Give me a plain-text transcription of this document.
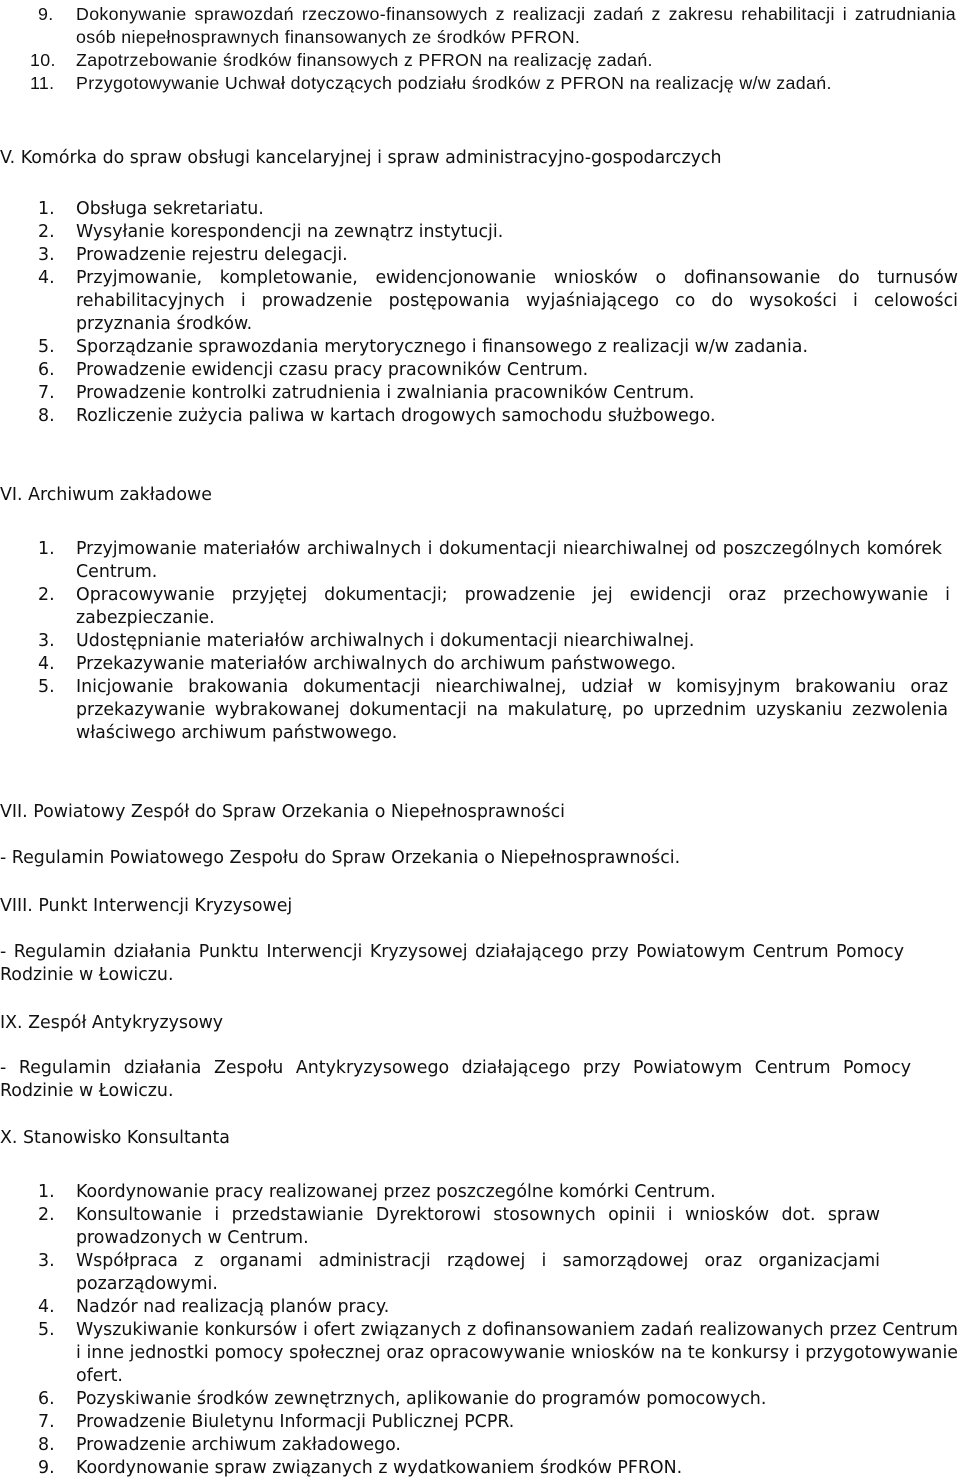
9. Dokonywanie sprawozdań rzeczowo-finansowych z realizacji zadań z zakresu rehabilitacji i zatrudniania osób niepełnosprawnych finansowanych ze środków PFRON.
10. Zapotrzebowanie środków finansowych z PFRON na realizację zadań.
11. Przygotowywanie Uchwał dotyczących podziału środków z PFRON na realizację w/w zadań.
V. Komórka do spraw obsługi kancelaryjnej i spraw administracyjno-gospodarczych
1. Obsługa sekretariatu.
2. Wysyłanie korespondencji na zewnątrz instytucji.
3. Prowadzenie rejestru delegacji.
4. Przyjmowanie, kompletowanie, ewidencjonowanie wniosków o dofinansowanie do turnusów rehabilitacyjnych i prowadzenie postępowania wyjaśniającego co do wysokości i celowości przyznania środków.
5. Sporządzanie sprawozdania merytorycznego i finansowego z realizacji w/w zadania.
6. Prowadzenie ewidencji czasu pracy pracowników Centrum.
7. Prowadzenie kontrolki zatrudnienia i zwalniania pracowników Centrum.
8. Rozliczenie zużycia paliwa w kartach drogowych samochodu służbowego.
VI. Archiwum zakładowe
1. Przyjmowanie materiałów archiwalnych i dokumentacji niearchiwalnej od poszczególnych komórek Centrum.
2. Opracowywanie przyjętej dokumentacji; prowadzenie jej ewidencji oraz przechowywanie i zabezpieczanie.
3. Udostępnianie materiałów archiwalnych i dokumentacji niearchiwalnej.
4. Przekazywanie materiałów archiwalnych do archiwum państwowego.
5. Inicjowanie brakowania dokumentacji niearchiwalnej, udział w komisyjnym brakowaniu oraz przekazywanie wybrakowanej dokumentacji na makulaturę, po uprzednim uzyskaniu zezwolenia właściwego archiwum państwowego.
VII. Powiatowy Zespół do Spraw Orzekania o Niepełnosprawności
- Regulamin Powiatowego Zespołu do Spraw Orzekania o Niepełnosprawności.
VIII. Punkt Interwencji Kryzysowej
- Regulamin działania Punktu Interwencji Kryzysowej działającego przy Powiatowym Centrum Pomocy Rodzinie w Łowiczu.
IX. Zespół Antykryzysowy
- Regulamin działania Zespołu Antykryzysowego działającego przy Powiatowym Centrum Pomocy Rodzinie w Łowiczu.
X. Stanowisko Konsultanta
1. Koordynowanie pracy realizowanej przez poszczególne komórki Centrum.
2. Konsultowanie i przedstawianie Dyrektorowi stosownych opinii i wniosków dot. spraw prowadzonych w Centrum.
3. Współpraca z organami administracji rządowej i samorządowej oraz organizacjami pozarządowymi.
4. Nadzór nad realizacją planów pracy.
5. Wyszukiwanie konkursów i ofert związanych z dofinansowaniem zadań realizowanych przez Centrum i inne jednostki pomocy społecznej oraz opracowywanie wniosków na te konkursy i przygotowywanie ofert.
6. Pozyskiwanie środków zewnętrznych, aplikowanie do programów pomocowych.
7. Prowadzenie Biuletynu Informacji Publicznej PCPR.
8. Prowadzenie archiwum zakładowego.
9. Koordynowanie spraw związanych z wydatkowaniem środków PFRON.
